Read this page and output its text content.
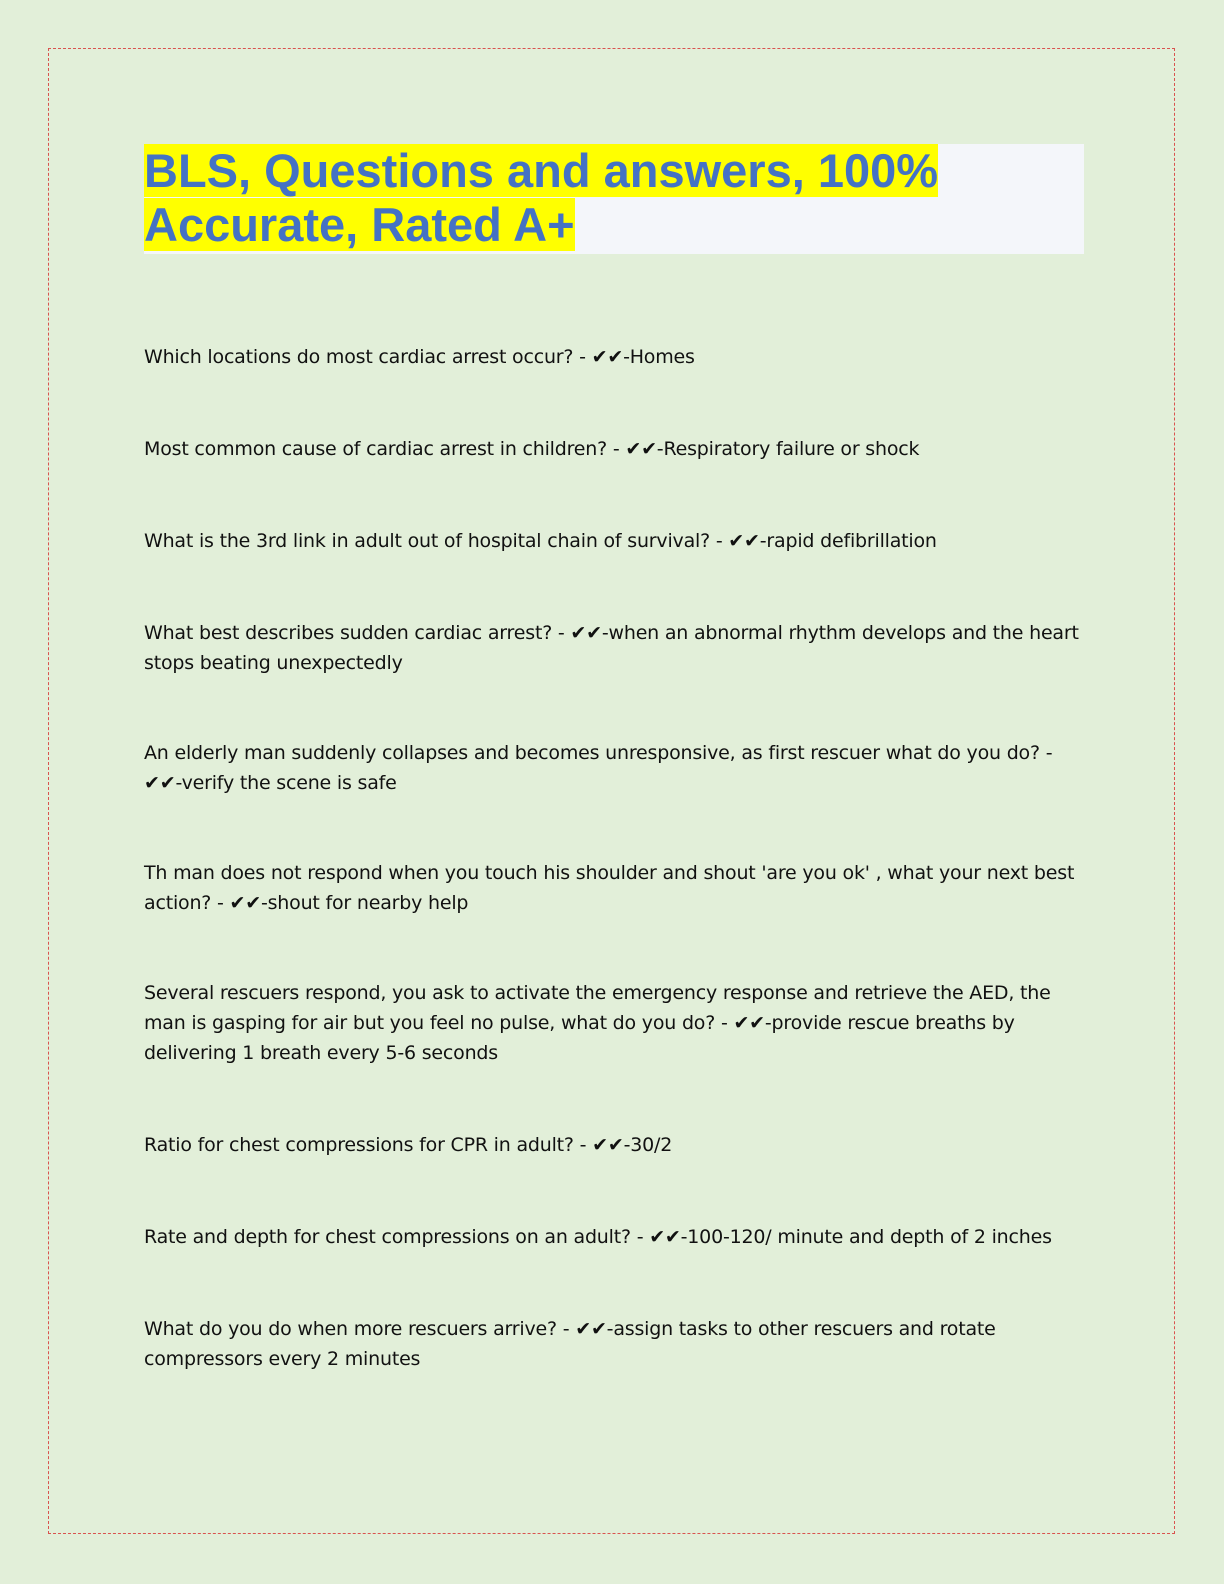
BLS, Questions and answers, 100%
Accurate, Rated A+

Which locations do most cardiac arrest occur? - ✔✔-Homes

Most common cause of cardiac arrest in children? - ✔✔-Respiratory failure or shock

What is the 3rd link in adult out of hospital chain of survival? - ✔✔-rapid defibrillation

What best describes sudden cardiac arrest? - ✔✔-when an abnormal rhythm develops and the heart stops beating unexpectedly

An elderly man suddenly collapses and becomes unresponsive, as first rescuer what do you do? - ✔✔-verify the scene is safe

Th man does not respond when you touch his shoulder and shout 'are you ok' , what your next best action? - ✔✔-shout for nearby help

Several rescuers respond, you ask to activate the emergency response and retrieve the AED, the man is gasping for air but you feel no pulse, what do you do? - ✔✔-provide rescue breaths by delivering 1 breath every 5-6 seconds

Ratio for chest compressions for CPR in adult? - ✔✔-30/2

Rate and depth for chest compressions on an adult? - ✔✔-100-120/ minute and depth of 2 inches

What do you do when more rescuers arrive? - ✔✔-assign tasks to other rescuers and rotate compressors every 2 minutes
